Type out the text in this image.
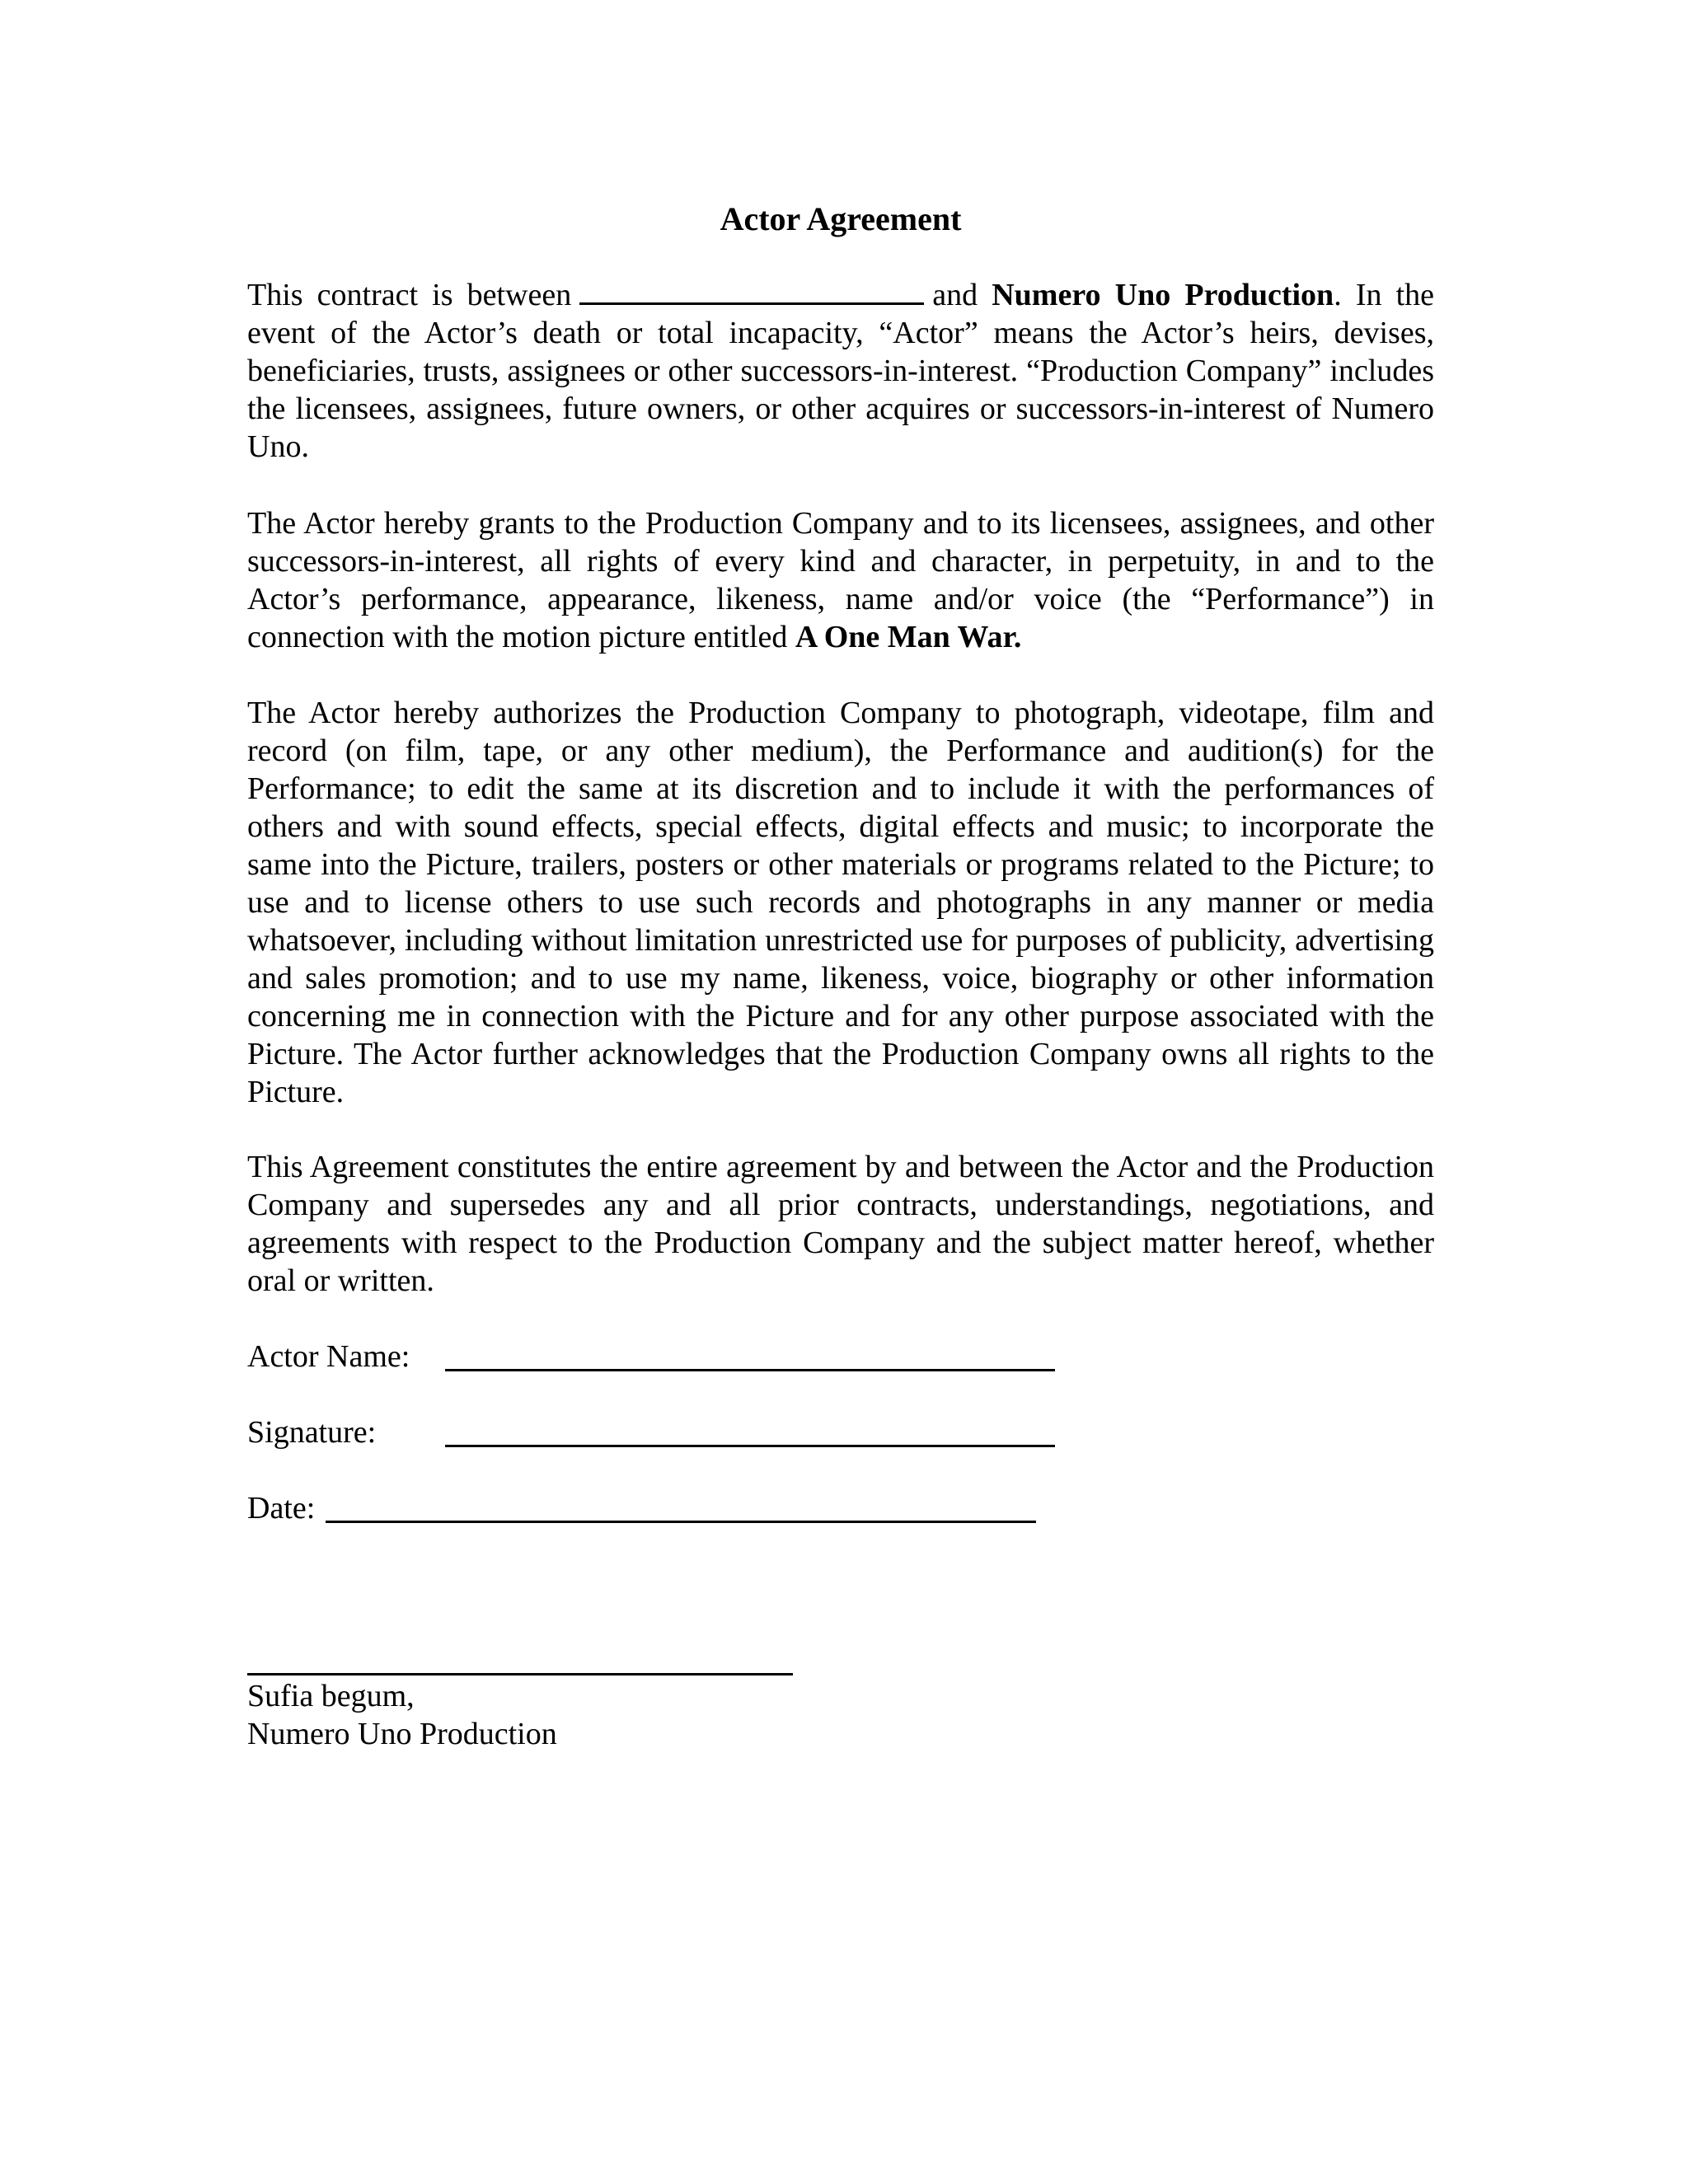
Actor Agreement

This contract is between	and Numero Uno Production. In the event of the Actor’s death or total incapacity, “Actor” means the Actor’s heirs, devises, beneficiaries, trusts, assignees or other successors-in-interest. “Production Company” includes the licensees, assignees, future owners, or other acquires or successors-in-interest of Numero Uno.

The Actor hereby grants to the Production Company and to its licensees, assignees, and other successors-in-interest, all rights of every kind and character, in perpetuity, in and to the Actor’s performance, appearance, likeness, name and/or voice (the “Performance”) in connection with the motion picture entitled A One Man War.

The Actor hereby authorizes the Production Company to photograph, videotape, film and record (on film, tape, or any other medium), the Performance and audition(s) for the Performance; to edit the same at its discretion and to include it with the performances of others and with sound effects, special effects, digital effects and music; to incorporate the same into the Picture, trailers, posters or other materials or programs related to the Picture; to use and to license others to use such records and photographs in any manner or media whatsoever, including without limitation unrestricted use for purposes of publicity, advertising and sales promotion; and to use my name, likeness, voice, biography or other information concerning me in connection with the Picture and for any other purpose associated with the Picture. The Actor further acknowledges that the Production Company owns all rights to the Picture.

This Agreement constitutes the entire agreement by and between the Actor and the Production Company and supersedes any and all prior contracts, understandings, negotiations, and agreements with respect to the Production Company and the subject matter hereof, whether oral or written.

Actor Name:
Signature:
Date:

Sufia begum,
Numero Uno Production
